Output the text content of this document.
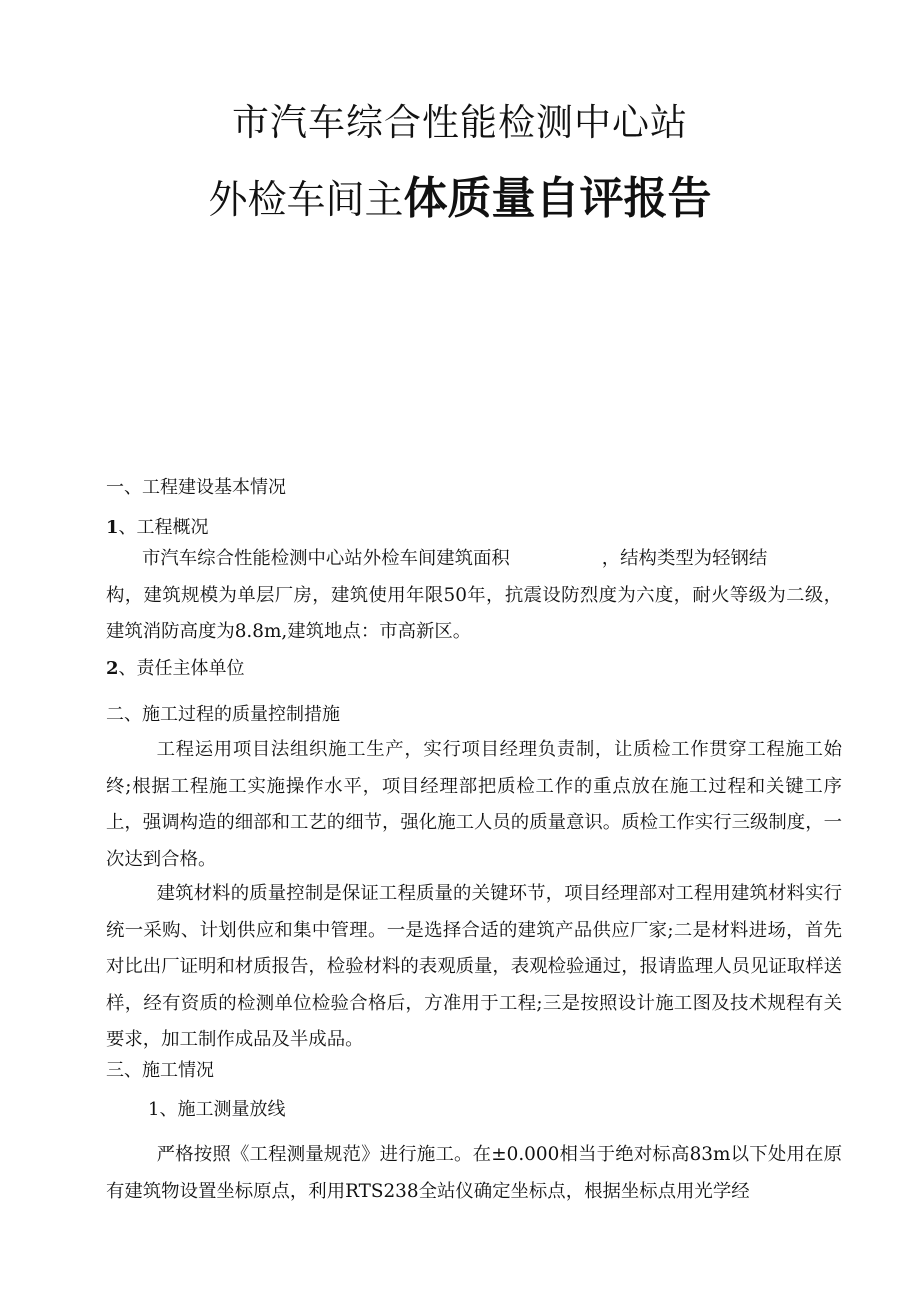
市汽车综合性能检测中心站
外检车间主体质量自评报告
一、工程建设基本情况
1、工程概况
市汽车综合性能检测中心站外检车间建筑面积　　　　　，结构类型为轻钢结
构，建筑规模为单层厂房，建筑使用年限50年，抗震设防烈度为六度，耐火等级为二级，建筑消防高度为8.8m,建筑地点：市高新区。
2、责任主体单位
二、施工过程的质量控制措施
工程运用项目法组织施工生产，实行项目经理负责制，让质检工作贯穿工程施工始终;根据工程施工实施操作水平，项目经理部把质检工作的重点放在施工过程和关键工序上，强调构造的细部和工艺的细节，强化施工人员的质量意识。质检工作实行三级制度，一次达到合格。
建筑材料的质量控制是保证工程质量的关键环节，项目经理部对工程用建筑材料实行统一采购、计划供应和集中管理。一是选择合适的建筑产品供应厂家;二是材料进场，首先对比出厂证明和材质报告，检验材料的表观质量，表观检验通过，报请监理人员见证取样送样，经有资质的检测单位检验合格后，方准用于工程;三是按照设计施工图及技术规程有关要求，加工制作成品及半成品。
三、施工情况
1、施工测量放线
严格按照《工程测量规范》进行施工。在±0.000相当于绝对标高83m以下处用在原有建筑物设置坐标原点，利用RTS238全站仪确定坐标点，根据坐标点用光学经
